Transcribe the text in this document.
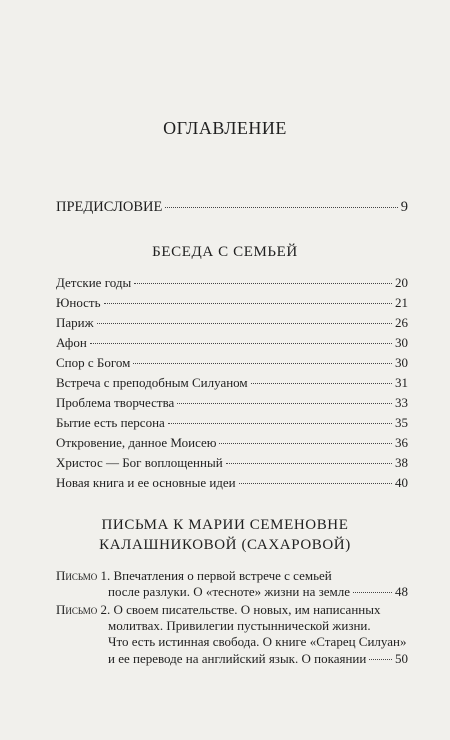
ОГЛАВЛЕНИЕ
ПРЕДИСЛОВИЕ	9
БЕСЕДА С СЕМЬЕЙ
Детские годы	20
Юность	21
Париж	26
Афон	30
Спор с Богом	30
Встреча с преподобным Силуаном	31
Проблема творчества	33
Бытие есть персона	35
Откровение, данное Моисею	36
Христос — Бог воплощенный	38
Новая книга и ее основные идеи	40
ПИСЬМА К МАРИИ СЕМЕНОВНЕ
КАЛАШНИКОВОЙ (САХАРОВОЙ)
Письмо 1. Впечатления о первой встрече с семьей
после разлуки. О «тесноте» жизни на земле	48
Письмо 2. О своем писательстве. О новых, им написанных
молитвах. Привилегии пустыннической жизни.
Что есть истинная свобода. О книге «Старец Силуан»
и ее переводе на английский язык. О покаянии 50
